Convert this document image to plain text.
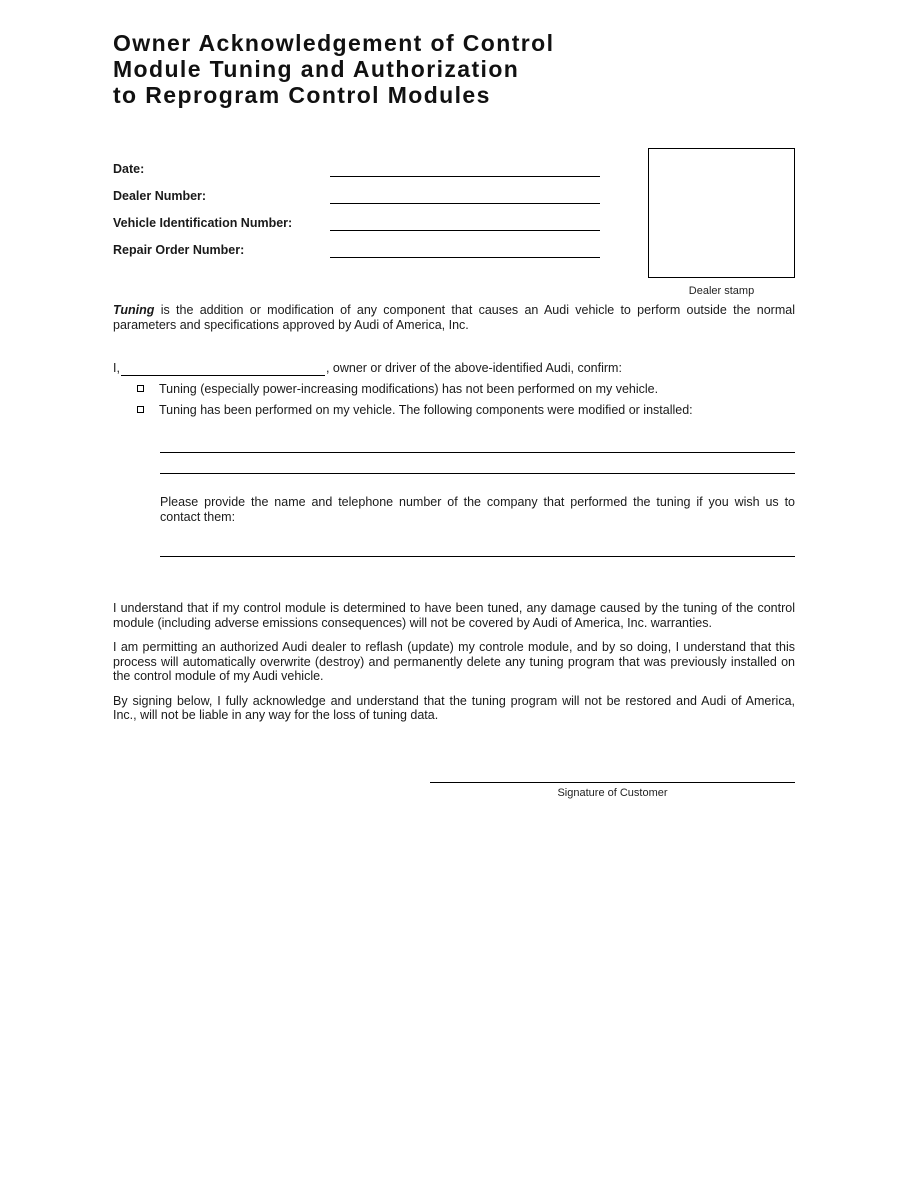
Owner Acknowledgement of Control
Module Tuning and Authorization
to Reprogram Control Modules
Date:
Dealer Number:
Vehicle Identification Number:
Repair Order Number:
Tuning is the addition or modification of any component that causes an Audi vehicle to perform outside the normal parameters and specifications approved by Audi of America, Inc.
I,	, owner or driver of the above-identified Audi, confirm:
Tuning (especially power-increasing modifications) has not been performed on my vehicle.
Tuning has been performed on my vehicle. The following components were modified or installed:
Please provide the name and telephone number of the company that performed the tuning if you wish us to contact them:
I understand that if my control module is determined to have been tuned, any damage caused by the tuning of the control module (including adverse emissions consequences) will not be covered by Audi of America, Inc. warranties.
I am permitting an authorized Audi dealer to reflash (update) my controle module, and by so doing, I understand that this process will automatically overwrite (destroy) and permanently delete any tuning program that was previously installed on the control module of my Audi vehicle.
By signing below, I fully acknowledge and understand that the tuning program will not be restored and Audi of America, Inc., will not be liable in any way for the loss of tuning data.
Signature of Customer
Dealer stamp
